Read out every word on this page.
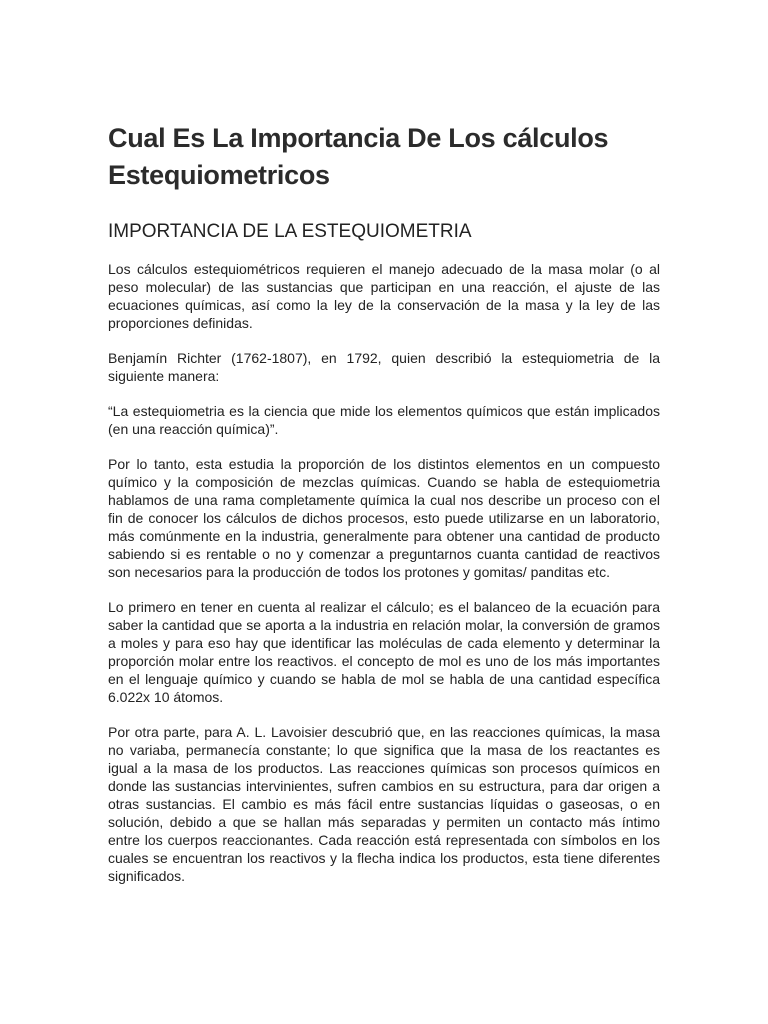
Cual Es La Importancia De Los cálculos Estequiometricos
IMPORTANCIA DE LA ESTEQUIOMETRIA

Los cálculos estequiométricos requieren el manejo adecuado de la masa molar (o al peso molecular) de las sustancias que participan en una reacción, el ajuste de las ecuaciones químicas, así como la ley de la conservación de la masa y la ley de las proporciones definidas.

Benjamín Richter (1762-1807), en 1792, quien describió la estequiometria de la siguiente manera:

“La estequiometria es la ciencia que mide los elementos químicos que están implicados (en una reacción química)”.

Por lo tanto, esta estudia la proporción de los distintos elementos en un compuesto químico y la composición de mezclas químicas. Cuando se habla de estequiometria hablamos de una rama completamente química la cual nos describe un proceso con el fin de conocer los cálculos de dichos procesos, esto puede utilizarse en un laboratorio, más comúnmente en la industria, generalmente para obtener una cantidad de producto sabiendo si es rentable o no y comenzar a preguntarnos cuanta cantidad de reactivos son necesarios para la producción de todos los protones y gomitas/ panditas etc.

Lo primero en tener en cuenta al realizar el cálculo; es el balanceo de la ecuación para saber la cantidad que se aporta a la industria en relación molar, la conversión de gramos a moles y para eso hay que identificar las moléculas de cada elemento y determinar la proporción molar entre los reactivos. el concepto de mol es uno de los más importantes en el lenguaje químico y cuando se habla de mol se habla de una cantidad específica 6.022x 10 átomos.

Por otra parte, para A. L. Lavoisier descubrió que, en las reacciones químicas, la masa no variaba, permanecía constante; lo que significa que la masa de los reactantes es igual a la masa de los productos. Las reacciones químicas son procesos químicos en donde las sustancias intervinientes, sufren cambios en su estructura, para dar origen a otras sustancias. El cambio es más fácil entre sustancias líquidas o gaseosas, o en solución, debido a que se hallan más separadas y permiten un contacto más íntimo entre los cuerpos reaccionantes. Cada reacción está representada con símbolos en los cuales se encuentran los reactivos y la flecha indica los productos, esta tiene diferentes significados.
